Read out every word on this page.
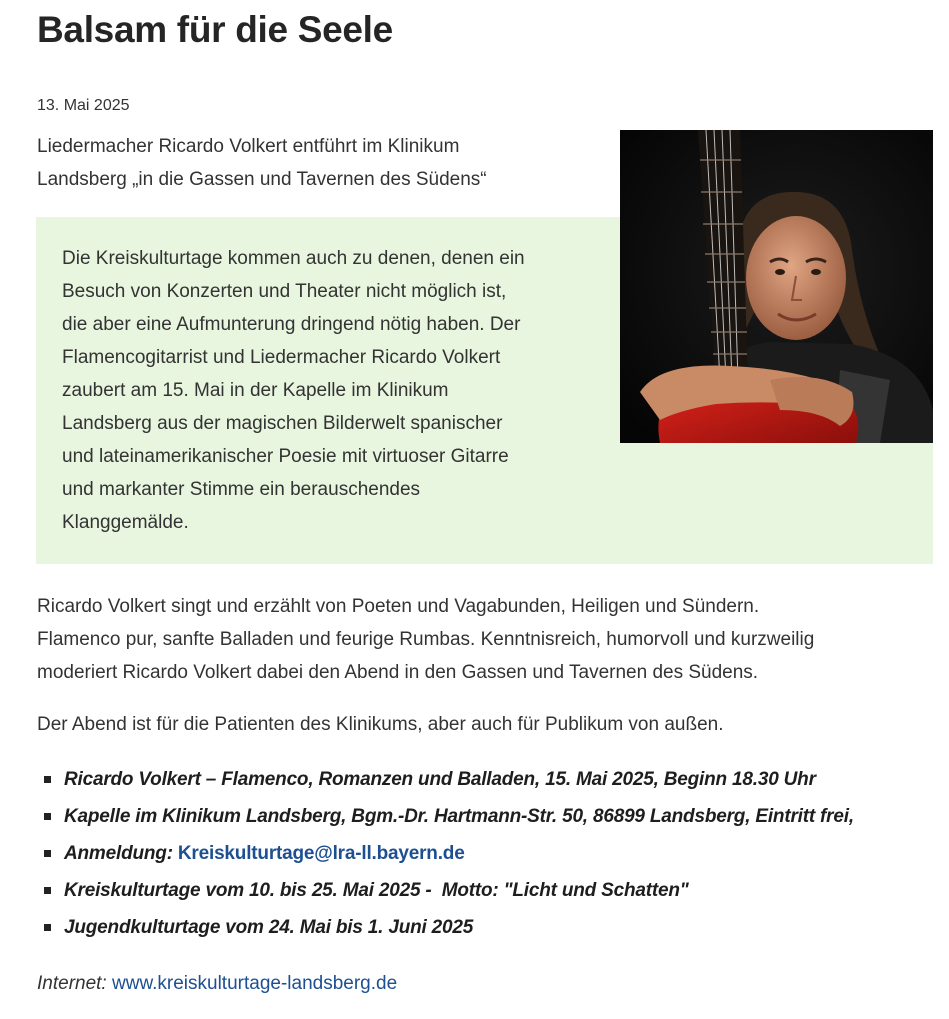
Balsam für die Seele
13. Mai 2025
Liedermacher Ricardo Volkert entführt im Klinikum
Landsberg „in die Gassen und Tavernen des Südens“
Die Kreiskulturtage kommen auch zu denen, denen ein
Besuch von Konzerten und Theater nicht möglich ist,
die aber eine Aufmunterung dringend nötig haben. Der
Flamencogitarrist und Liedermacher Ricardo Volkert
zaubert am 15. Mai in der Kapelle im Klinikum
Landsberg aus der magischen Bilderwelt spanischer
und lateinamerikanischer Poesie mit virtuoser Gitarre
und markanter Stimme ein berauschendes
Klanggemälde.
Ricardo Volkert singt und erzählt von Poeten und Vagabunden, Heiligen und Sündern.
Flamenco pur, sanfte Balladen und feurige Rumbas. Kenntnisreich, humorvoll und kurzweilig
moderiert Ricardo Volkert dabei den Abend in den Gassen und Tavernen des Südens.

Der Abend ist für die Patienten des Klinikums, aber auch für Publikum von außen.

Ricardo Volkert – Flamenco, Romanzen und Balladen, 15. Mai 2025, Beginn 18.30 Uhr
Kapelle im Klinikum Landsberg, Bgm.-Dr. Hartmann-Str. 50, 86899 Landsberg, Eintritt frei,
Anmeldung: Kreiskulturtage@lra-ll.bayern.de
Kreiskulturtage vom 10. bis 25. Mai 2025 -  Motto: "Licht und Schatten"
Jugendkulturtage vom 24. Mai bis 1. Juni 2025
Internet: www.kreiskulturtage-landsberg.de
